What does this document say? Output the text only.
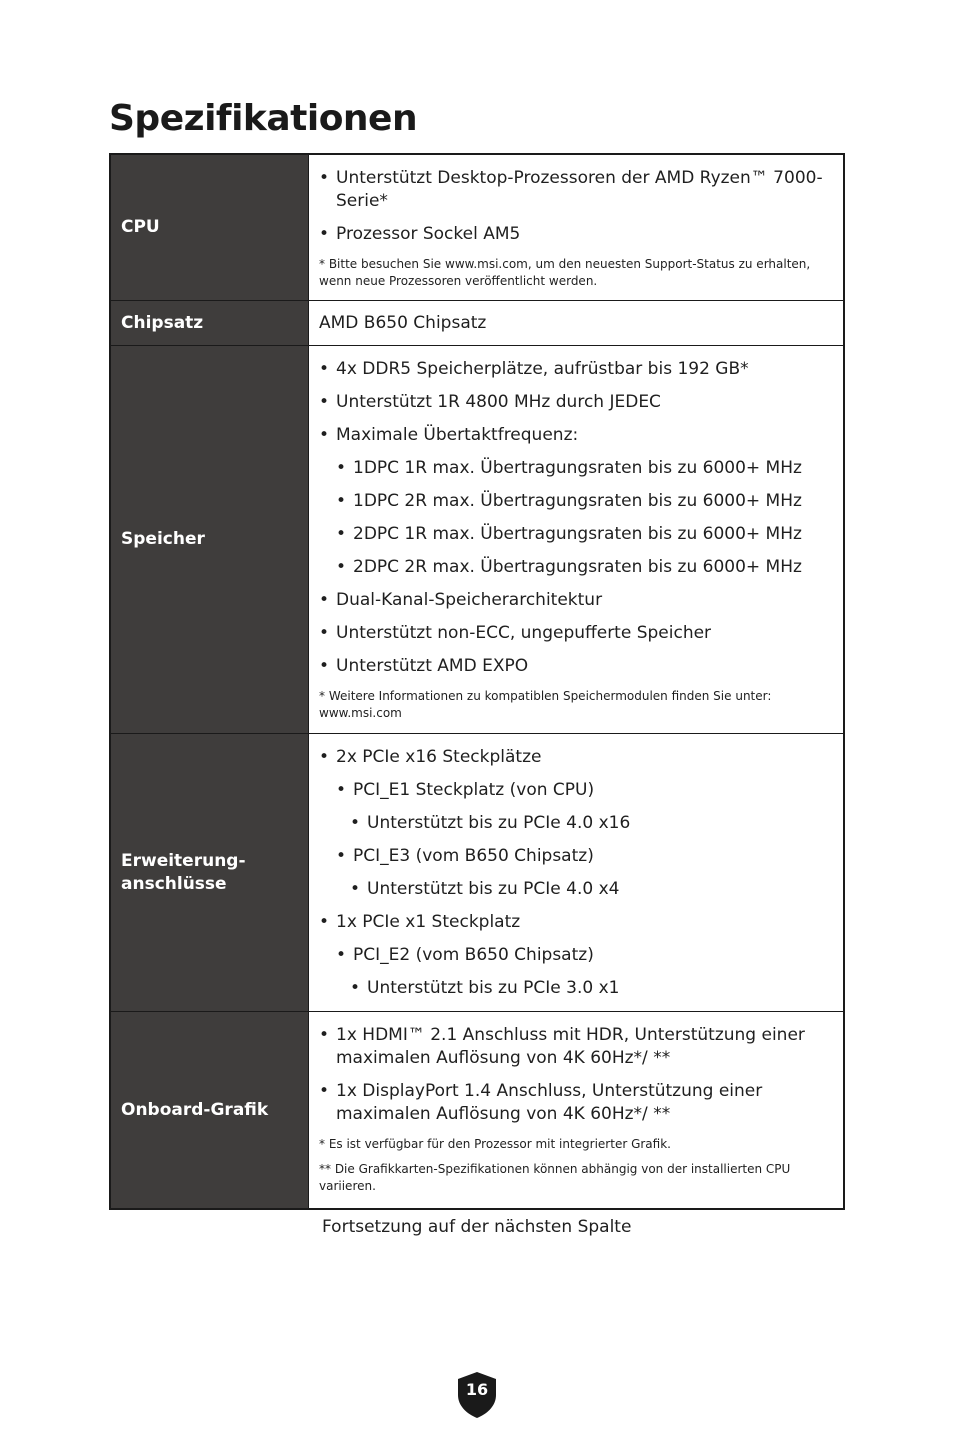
Spezifikationen
CPU
• Unterstützt Desktop-Prozessoren der AMD Ryzen™ 7000-Serie*
• Prozessor Sockel AM5
* Bitte besuchen Sie www.msi.com, um den neuesten Support-Status zu erhalten, wenn neue Prozessoren veröffentlicht werden.
Chipsatz	AMD B650 Chipsatz
Speicher
• 4x DDR5 Speicherplätze, aufrüstbar bis 192 GB*
• Unterstützt 1R 4800 MHz durch JEDEC
• Maximale Übertaktfrequenz:
• 1DPC 1R max. Übertragungsraten bis zu 6000+ MHz
• 1DPC 2R max. Übertragungsraten bis zu 6000+ MHz
• 2DPC 1R max. Übertragungsraten bis zu 6000+ MHz
• 2DPC 2R max. Übertragungsraten bis zu 6000+ MHz
• Dual-Kanal-Speicherarchitektur
• Unterstützt non-ECC, ungepufferte Speicher
• Unterstützt AMD EXPO
* Weitere Informationen zu kompatiblen Speichermodulen finden Sie unter: www.msi.com
Erweiterung-
anschlüsse
• 2x PCIe x16 Steckplätze
• PCI_E1 Steckplatz (von CPU)
• Unterstützt bis zu PCIe 4.0 x16
• PCI_E3 (vom B650 Chipsatz)
• Unterstützt bis zu PCIe 4.0 x4
• 1x PCIe x1 Steckplatz
• PCI_E2 (vom B650 Chipsatz)
• Unterstützt bis zu PCIe 3.0 x1
Onboard-Grafik
• 1x HDMI™ 2.1 Anschluss mit HDR, Unterstützung einer maximalen Auflösung von 4K 60Hz*/ **
• 1x DisplayPort 1.4 Anschluss, Unterstützung einer maximalen Auflösung von 4K 60Hz*/ **
* Es ist verfügbar für den Prozessor mit integrierter Grafik.
** Die Grafikkarten-Spezifikationen können abhängig von der installierten CPU variieren.
Fortsetzung auf der nächsten Spalte
16
